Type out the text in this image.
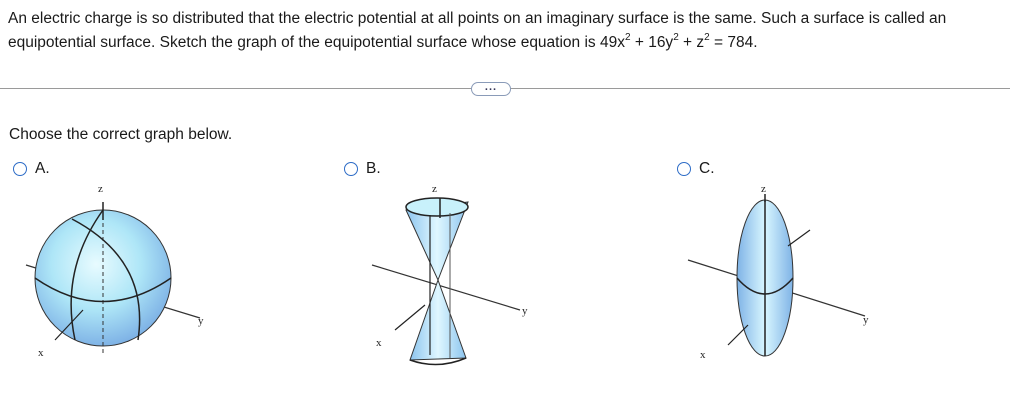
An electric charge is so distributed that the electric potential at all points on an imaginary surface is the same. Such a surface is called an
equipotential surface. Sketch the graph of the equipotential surface whose equation is $49x^2 + 16y^2 + z^2 = 784$.
...
Choose the correct graph below.
A.
z
y
x
B.
z
y
x
C.
z
y
x
